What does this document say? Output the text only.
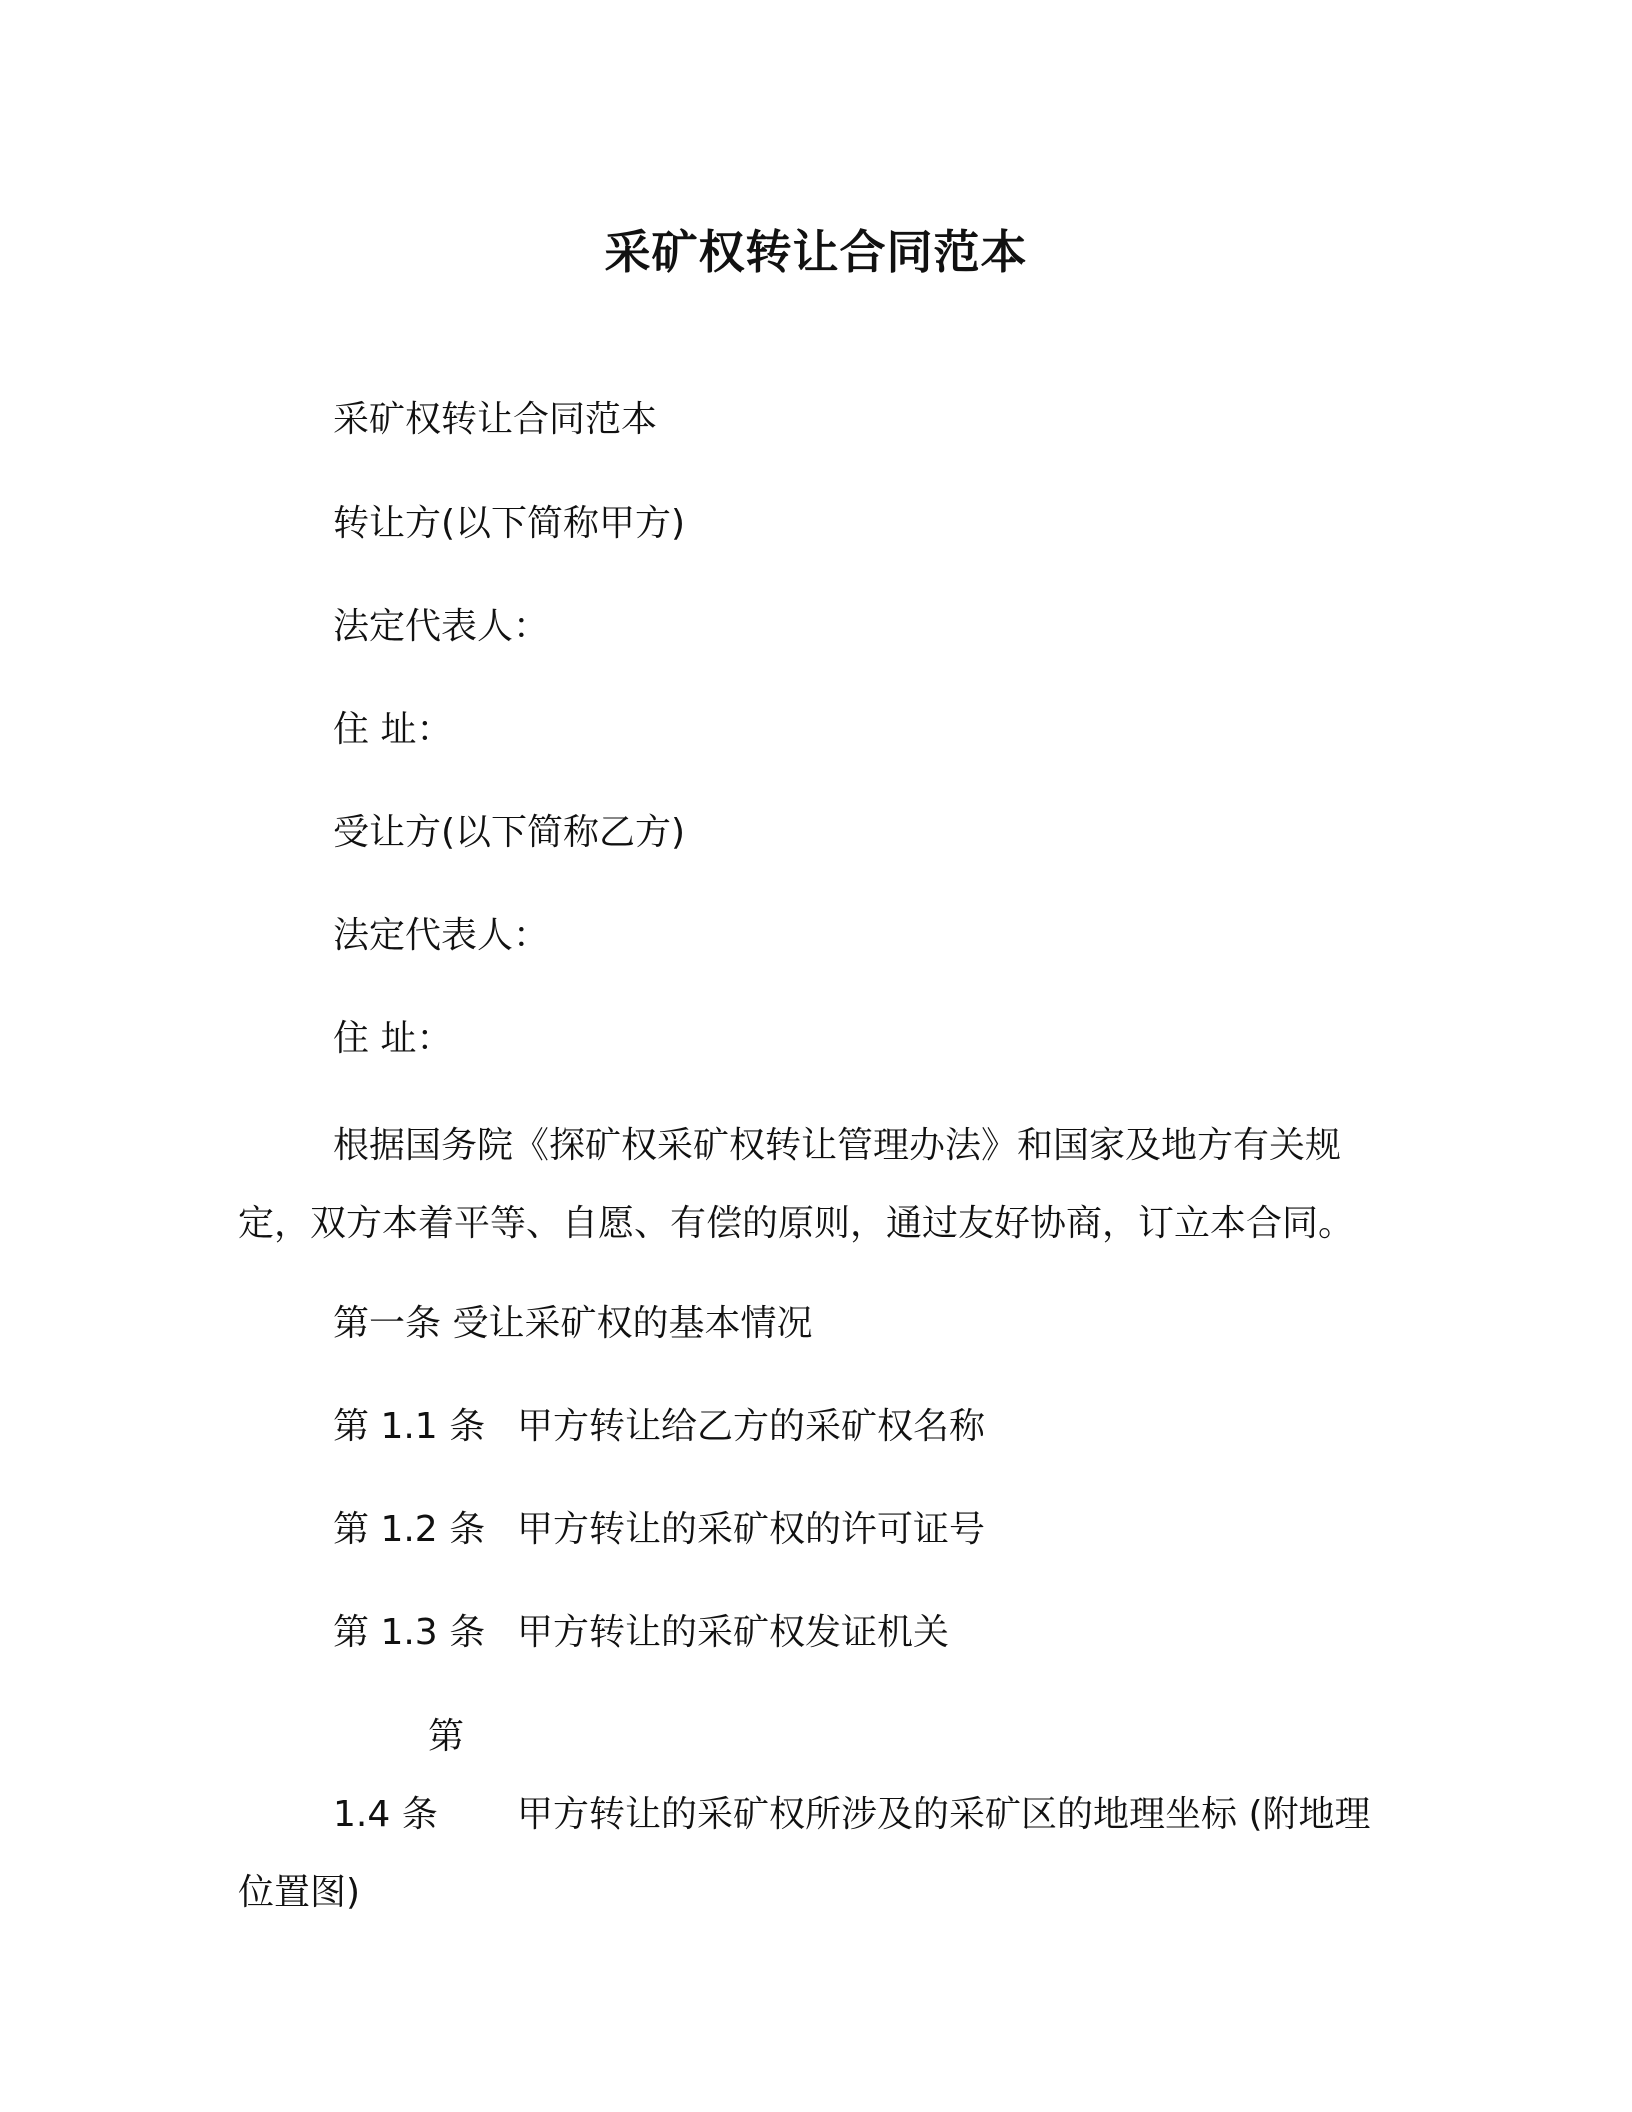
采矿权转让合同范本
采矿权转让合同范本
转让方(以下简称甲方)
法定代表人：
住 址：
受让方(以下简称乙方)
法定代表人：
住 址：
根据国务院《探矿权采矿权转让管理办法》和国家及地方有关规定，双方本着平等、自愿、有偿的原则，通过友好协商，订立本合同。
第一条 受让采矿权的基本情况
第 1.1 条 甲方转让给乙方的采矿权名称
第 1.2 条 甲方转让的采矿权的许可证号
第 1.3 条 甲方转让的采矿权发证机关
第 1.4 条 甲方转让的采矿权所涉及的采矿区的地理坐标 (附地理位置图)
